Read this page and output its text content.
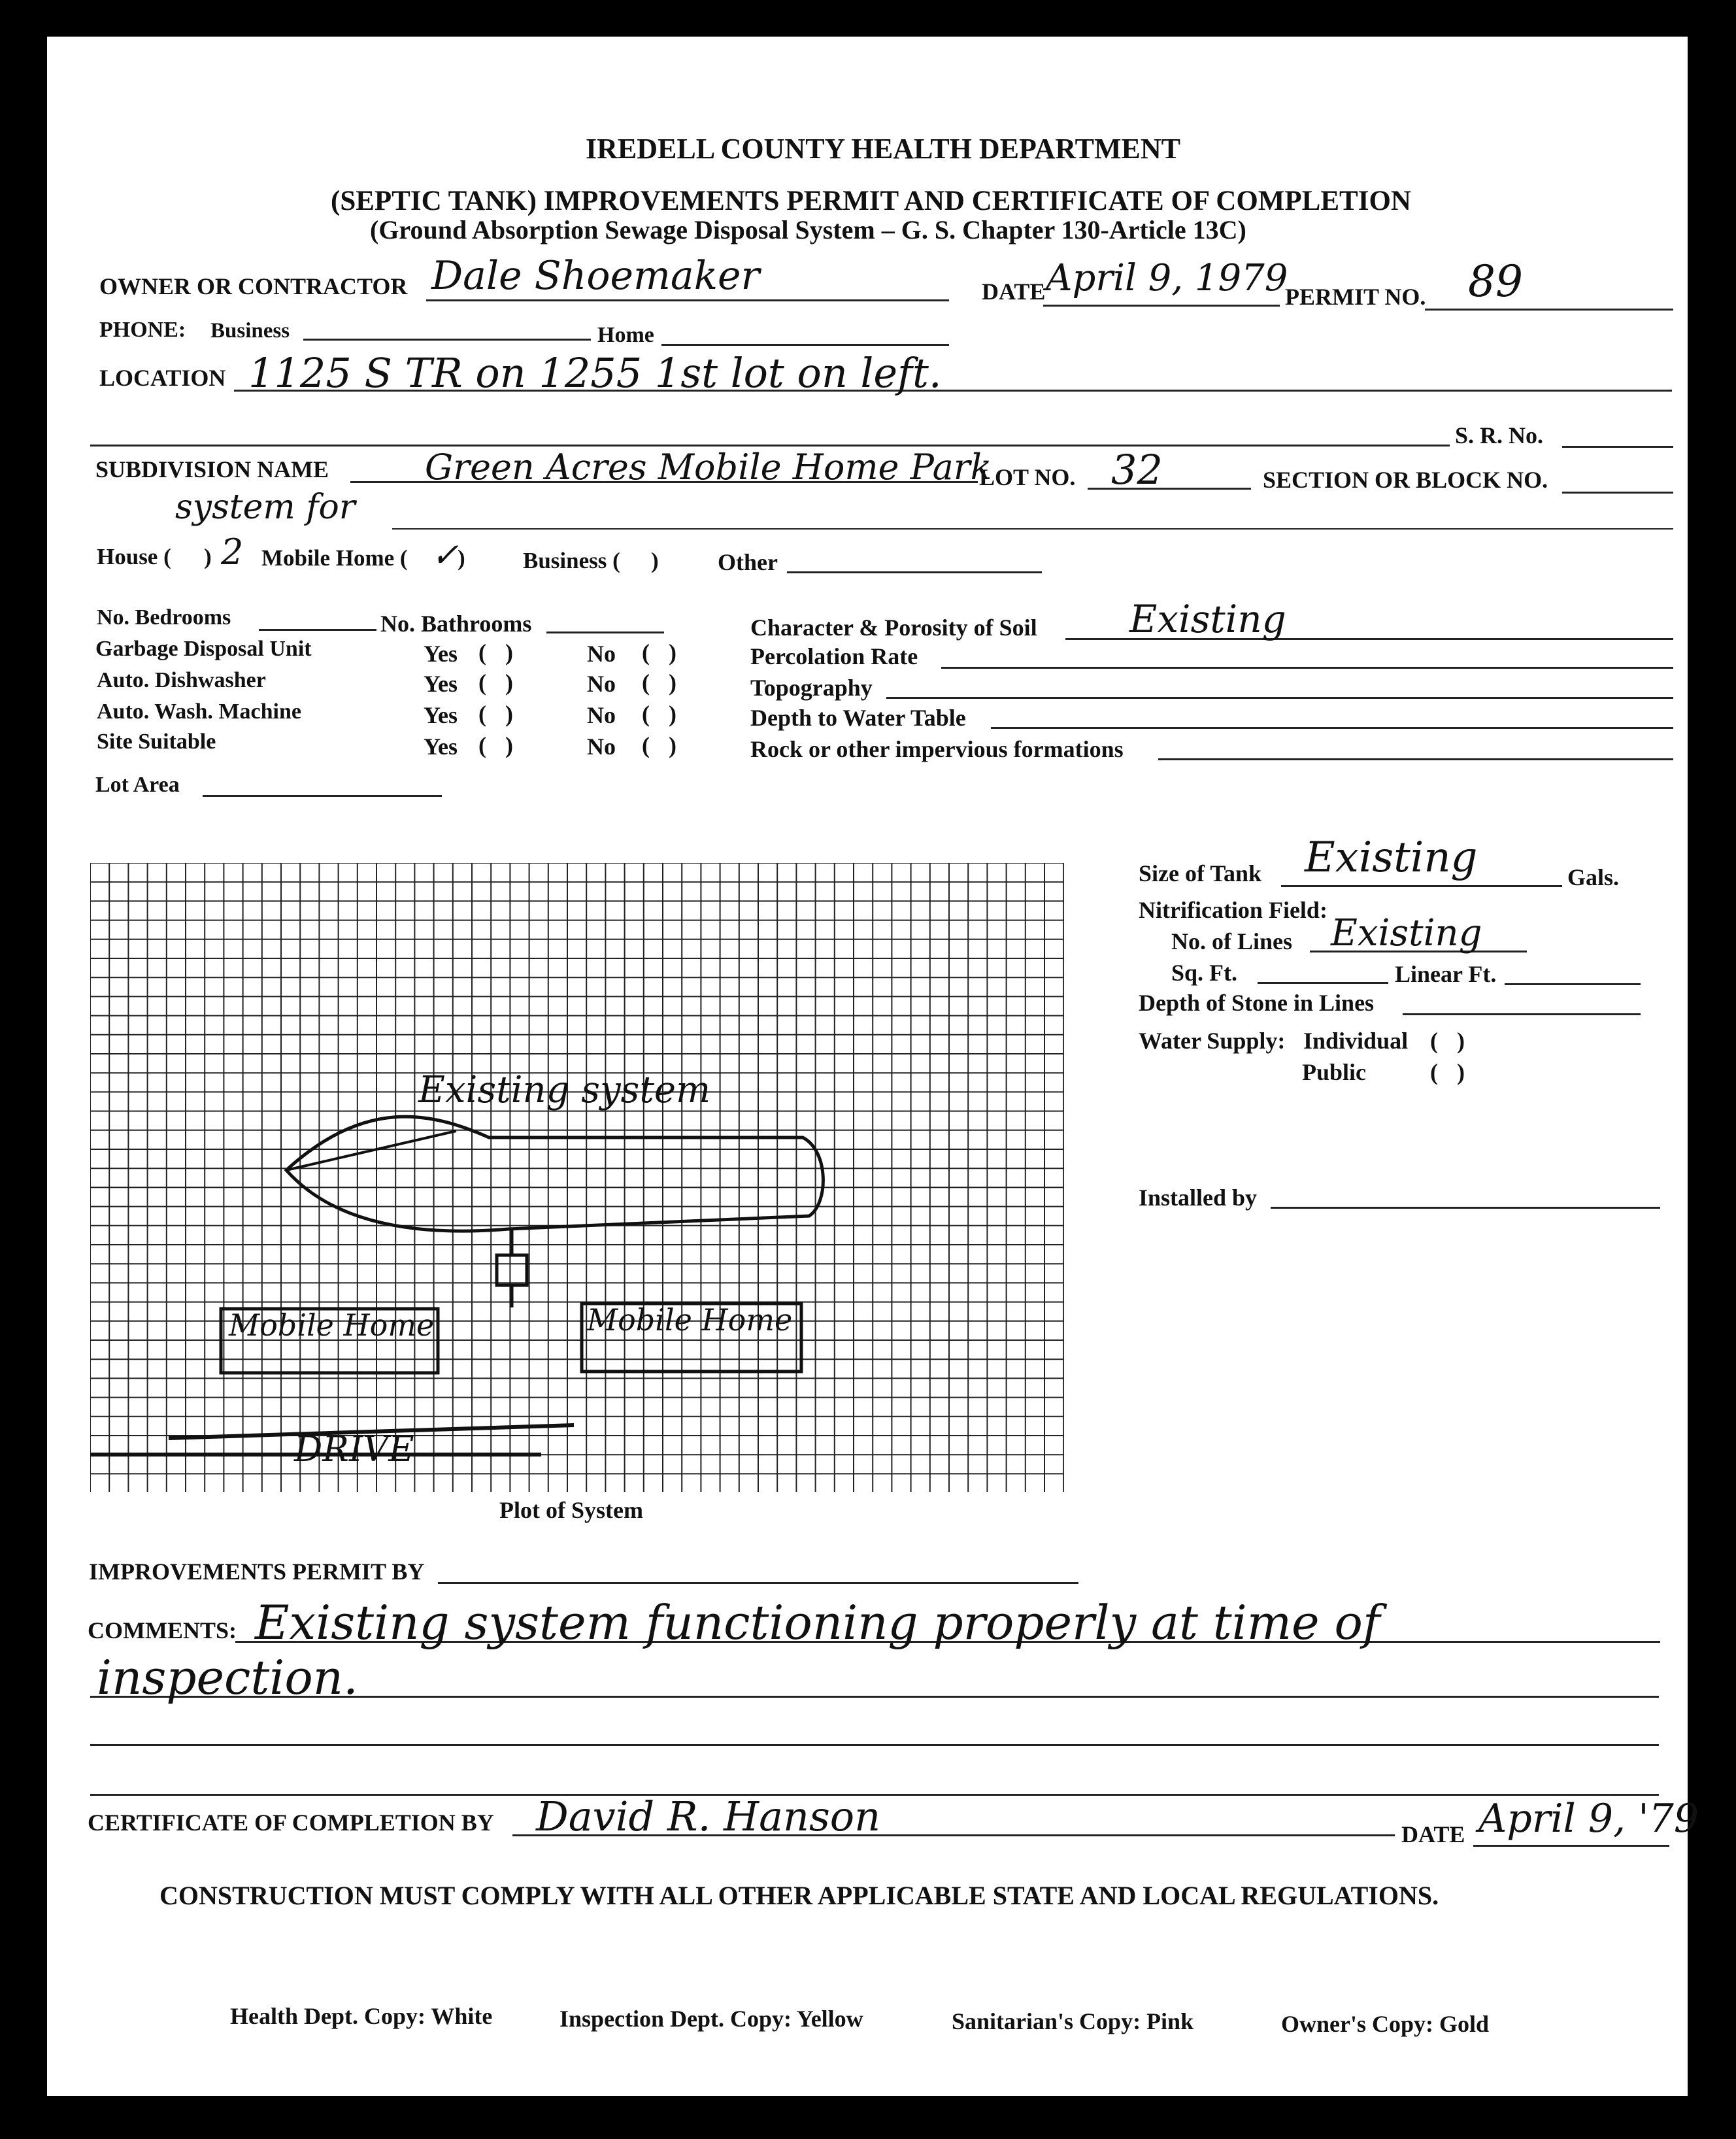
IREDELL COUNTY HEALTH DEPARTMENT
(SEPTIC TANK) IMPROVEMENTS PERMIT AND CERTIFICATE OF COMPLETION
(Ground Absorption Sewage Disposal System – G. S. Chapter 130-Article 13C)
OWNER OR CONTRACTOR Dale Shoemaker	DATE April 9, 1979
PERMIT NO. 89
PHONE: Business	Home
LOCATION 1125 S TR on 1255 1st lot on left.
S. R. No.
SUBDIVISION NAME	Green Acres Mobile Home Park
LOT NO. 32	SECTION OR BLOCK NO.
system for
House ( ) 2 Mobile Home ( ✓
)	Business ( )	Other
No. Bedrooms	No. Bathrooms
Garbage Disposal Unit	Yes ( )	No ( )
Auto. Dishwasher	Yes ( )	No ( )
Auto. Wash. Machine	Yes ( )	No ( )
Site Suitable	Yes ( )	No ( )
Lot Area
Character & Porosity of Soil Existing
Percolation Rate
Topography
Depth to Water Table
Rock or other impervious formations
Existing system
Mobile Home	Mobile Home
DRIVE
Plot of System
Size of Tank Existing	Gals.
Nitrification Field:
No. of Lines Existing
Sq. Ft.	Linear Ft.
Depth of Stone in Lines
Water Supply: Individual ( )
Public	( )
Installed by
IMPROVEMENTS PERMIT BY
COMMENTS: Existing system functioning properly at time of
inspection.
CERTIFICATE OF COMPLETION BY David R. Hanson	DATE April 9, '79
CONSTRUCTION MUST COMPLY WITH ALL OTHER APPLICABLE STATE AND LOCAL REGULATIONS.
Health Dept. Copy: White	Inspection Dept. Copy: Yellow	Sanitarian's Copy: Pink	Owner's Copy: Gold
